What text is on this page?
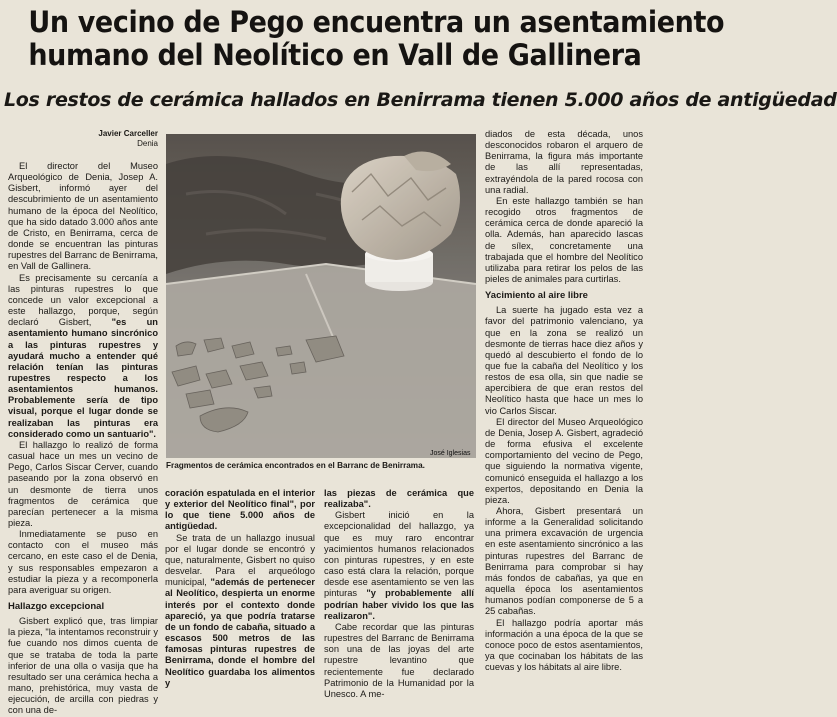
Un vecino de Pego encuentra un asentamiento
humano del Neolítico en Vall de Gallinera
Los restos de cerámica hallados en Benirrama tienen 5.000 años de antigüedad
Javier Carceller
Denia

El director del Museo Arqueológico de Denia, Josep A. Gisbert, informó ayer del descubrimiento de un asentamiento humano de la época del Neolítico, que ha sido datado 3.000 años ante de Cristo, en Benirrama, cerca de donde se encuentran las pinturas rupestres del Barranc de Benirrama, en Vall de Gallinera.

Es precisamente su cercanía a las pinturas rupestres lo que concede un valor excepcional a este hallazgo, porque, según declaró Gisbert, "es un asentamiento humano sincrónico a las pinturas rupestres y ayudará mucho a entender qué relación tenían las pinturas rupestres respecto a los asentamientos humanos. Probablemente sería de tipo visual, porque el lugar donde se realizaban las pinturas era considerado como un santuario".

El hallazgo lo realizó de forma casual hace un mes un vecino de Pego, Carlos Siscar Cerver, cuando paseando por la zona observó en un desmonte de tierra unos fragmentos de cerámica que parecían pertenecer a la misma pieza.

Inmediatamente se puso en contacto con el museo más cercano, en este caso el de Denia, y sus responsables empezaron a estudiar la pieza y a recomponerla para averiguar su origen.

Hallazgo excepcional

Gisbert explicó que, tras limpiar la pieza, "la intentamos reconstruir y fue cuando nos dimos cuenta de que se trataba de toda la parte inferior de una olla o vasija que ha resultado ser una cerámica hecha a mano, prehistórica, muy vasta de ejecución, de arcilla con piedras y con una de-

José Iglesias
Fragmentos de cerámica encontrados en el Barranc de Benirrama.

coración espatulada en el interior y exterior del Neolítico final", por lo que tiene 5.000 años de antigüedad.

Se trata de un hallazgo inusual por el lugar donde se encontró y que, naturalmente, Gisbert no quiso desvelar. Para el arqueólogo municipal, "además de pertenecer al Neolítico, despierta un enorme interés por el contexto donde apareció, ya que podría tratarse de un fondo de cabaña, situado a escasos 500 metros de las famosas pinturas rupestres de Benirrama, donde el hombre del Neolítico guardaba los alimentos y

las piezas de cerámica que realizaba".

Gisbert inició en la excepcionalidad del hallazgo, ya que es muy raro encontrar yacimientos humanos relacionados con pinturas rupestres, y en este caso está clara la relación, porque desde ese asentamiento se ven las pinturas "y probablemente allí podrían haber vivido los que las realizaron".

Cabe recordar que las pinturas rupestres del Barranc de Benirrama son una de las joyas del arte rupestre levantino que recientemente fue declarado Patrimonio de la Humanidad por la Unesco. A me-

diados de esta década, unos desconocidos robaron el arquero de Benirrama, la figura más importante de las allí representadas, extrayéndola de la pared rocosa con una radial.

En este hallazgo también se han recogido otros fragmentos de cerámica cerca de donde apareció la olla. Además, han aparecido lascas de sílex, concretamente una trabajada que el hombre del Neolítico utilizaba para retirar los pelos de las pieles de animales para curtirlas.

Yacimiento al aire libre

La suerte ha jugado esta vez a favor del patrimonio valenciano, ya que en la zona se realizó un desmonte de tierras hace diez años y quedó al descubierto el fondo de lo que fue la cabaña del Neolítico y los restos de esa olla, sin que nadie se apercibiera de que eran restos del Neolítico hasta que hace un mes lo vio Carlos Siscar.

El director del Museo Arqueológico de Denia, Josep A. Gisbert, agradeció de forma efusiva el excelente comportamiento del vecino de Pego, que siguiendo la normativa vigente, comunicó enseguida el hallazgo a los expertos, depositando en Denia la pieza.

Ahora, Gisbert presentará un informe a la Generalidad solicitando una primera excavación de urgencia en este asentamiento sincrónico a las pinturas rupestres del Barranc de Benirrama para comprobar si hay más fondos de cabañas, ya que en aquella época los asentamientos humanos podían componerse de 5 a 25 cabañas.

El hallazgo podría aportar más información a una época de la que se conoce poco de estos asentamientos, ya que cocinaban los hábitats de las cuevas y los hábitats al aire libre.
